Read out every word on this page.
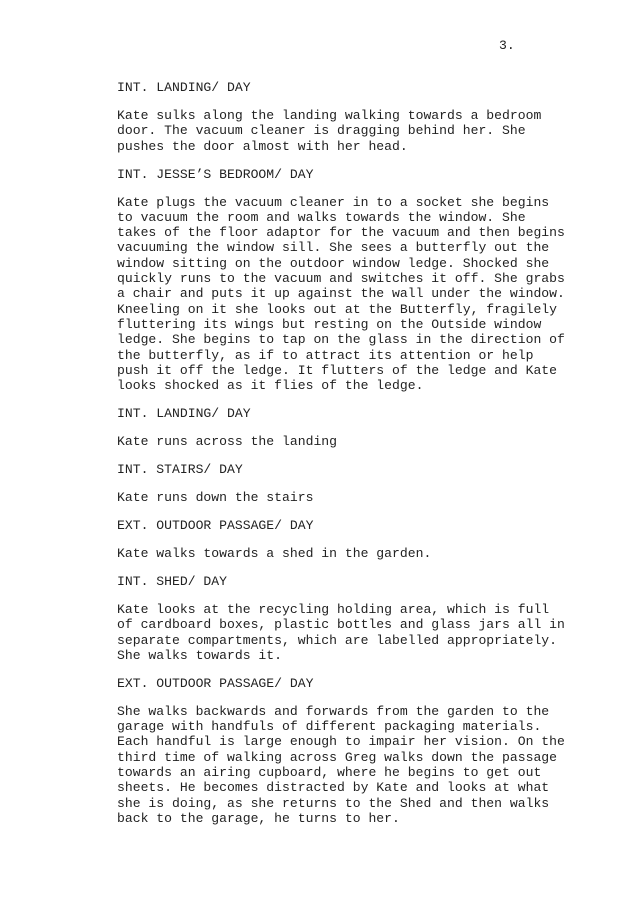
3.
INT. LANDING/ DAY
Kate sulks along the landing walking towards a bedroom
door. The vacuum cleaner is dragging behind her. She
pushes the door almost with her head.
INT. JESSE’S BEDROOM/ DAY
Kate plugs the vacuum cleaner in to a socket she begins
to vacuum the room and walks towards the window. She
takes of the floor adaptor for the vacuum and then begins
vacuuming the window sill. She sees a butterfly out the
window sitting on the outdoor window ledge. Shocked she
quickly runs to the vacuum and switches it off. She grabs
a chair and puts it up against the wall under the window.
Kneeling on it she looks out at the Butterfly, fragilely
fluttering its wings but resting on the Outside window
ledge. She begins to tap on the glass in the direction of
the butterfly, as if to attract its attention or help
push it off the ledge. It flutters of the ledge and Kate
looks shocked as it flies of the ledge.
INT. LANDING/ DAY
Kate runs across the landing
INT. STAIRS/ DAY
Kate runs down the stairs
EXT. OUTDOOR PASSAGE/ DAY
Kate walks towards a shed in the garden.
INT. SHED/ DAY
Kate looks at the recycling holding area, which is full
of cardboard boxes, plastic bottles and glass jars all in
separate compartments, which are labelled appropriately.
She walks towards it.
EXT. OUTDOOR PASSAGE/ DAY
She walks backwards and forwards from the garden to the
garage with handfuls of different packaging materials.
Each handful is large enough to impair her vision. On the
third time of walking across Greg walks down the passage
towards an airing cupboard, where he begins to get out
sheets. He becomes distracted by Kate and looks at what
she is doing, as she returns to the Shed and then walks
back to the garage, he turns to her.
